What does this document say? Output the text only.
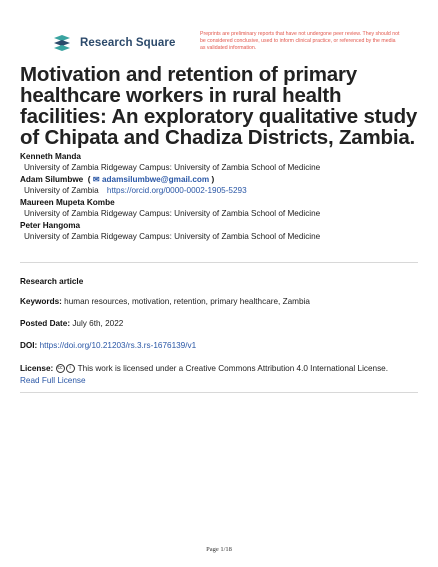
Research Square
Preprints are preliminary reports that have not undergone peer review. They should not be considered conclusive, used to inform clinical practice, or referenced by the media as validated information.
Motivation and retention of primary healthcare workers in rural health facilities: An exploratory qualitative study of Chipata and Chadiza Districts, Zambia.
Kenneth Manda
University of Zambia Ridgeway Campus: University of Zambia School of Medicine
Adam Silumbwe  ( ✉ adamsilumbwe@gmail.com )
University of Zambia https://orcid.org/0000-0002-1905-5293
Maureen Mupeta Kombe
University of Zambia Ridgeway Campus: University of Zambia School of Medicine
Peter Hangoma
University of Zambia Ridgeway Campus: University of Zambia School of Medicine
Research article
Keywords: human resources, motivation, retention, primary healthcare, Zambia
Posted Date: July 6th, 2022
DOI: https://doi.org/10.21203/rs.3.rs-1676139/v1
License: cc i This work is licensed under a Creative Commons Attribution 4.0 International License.
Read Full License
Page 1/18
